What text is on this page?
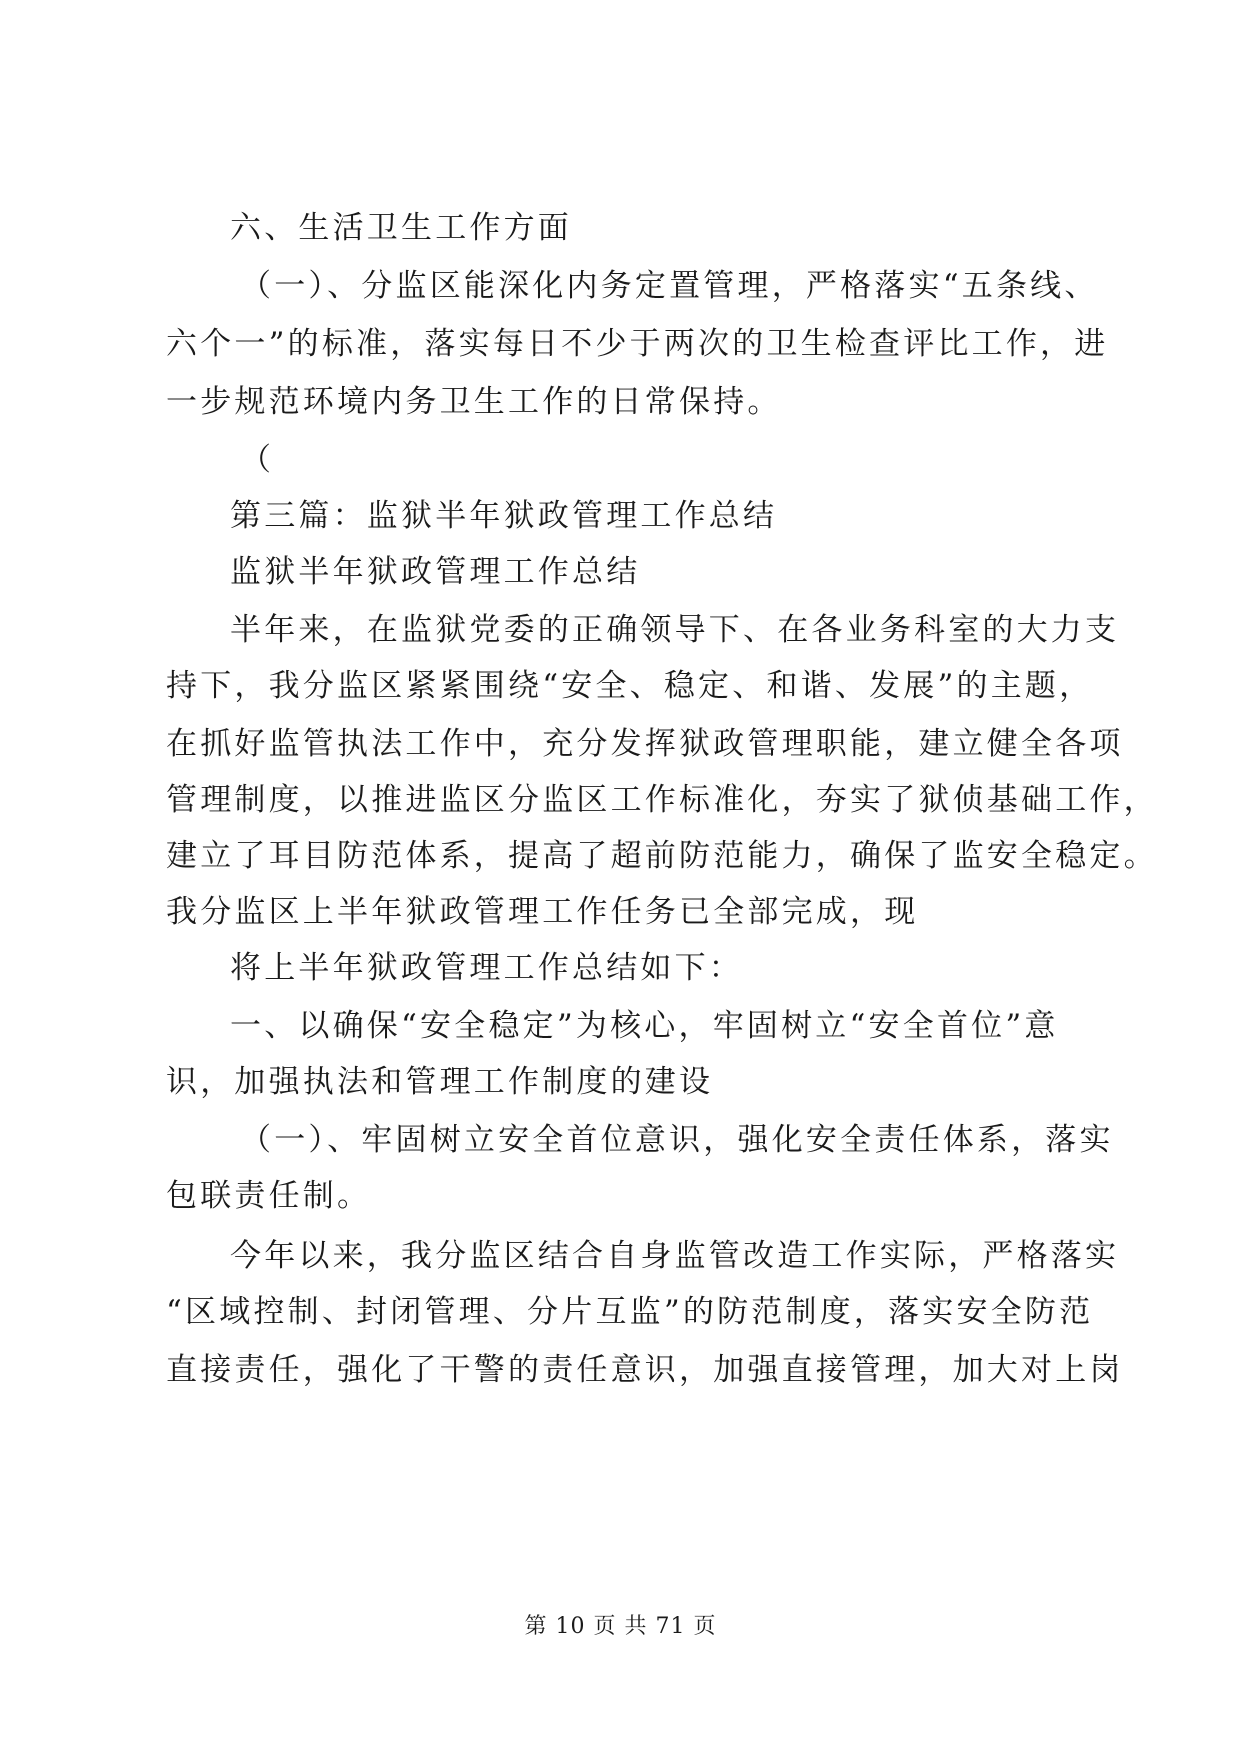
六、生活卫生工作方面
（一）、分监区能深化内务定置管理，严格落实“五条线、
六个一”的标准，落实每日不少于两次的卫生检查评比工作，进
一步规范环境内务卫生工作的日常保持。
（
第三篇：监狱半年狱政管理工作总结
监狱半年狱政管理工作总结
半年来，在监狱党委的正确领导下、在各业务科室的大力支
持下，我分监区紧紧围绕“安全、稳定、和谐、发展”的主题，
在抓好监管执法工作中，充分发挥狱政管理职能，建立健全各项
管理制度，以推进监区分监区工作标准化，夯实了狱侦基础工作，
建立了耳目防范体系，提高了超前防范能力，确保了监安全稳定。
我分监区上半年狱政管理工作任务已全部完成，现
将上半年狱政管理工作总结如下：
一、以确保“安全稳定”为核心，牢固树立“安全首位”意
识，加强执法和管理工作制度的建设
（一）、牢固树立安全首位意识，强化安全责任体系，落实
包联责任制。
今年以来，我分监区结合自身监管改造工作实际，严格落实
“区域控制、封闭管理、分片互监”的防范制度，落实安全防范
直接责任，强化了干警的责任意识，加强直接管理，加大对上岗
第 10 页 共 71 页
